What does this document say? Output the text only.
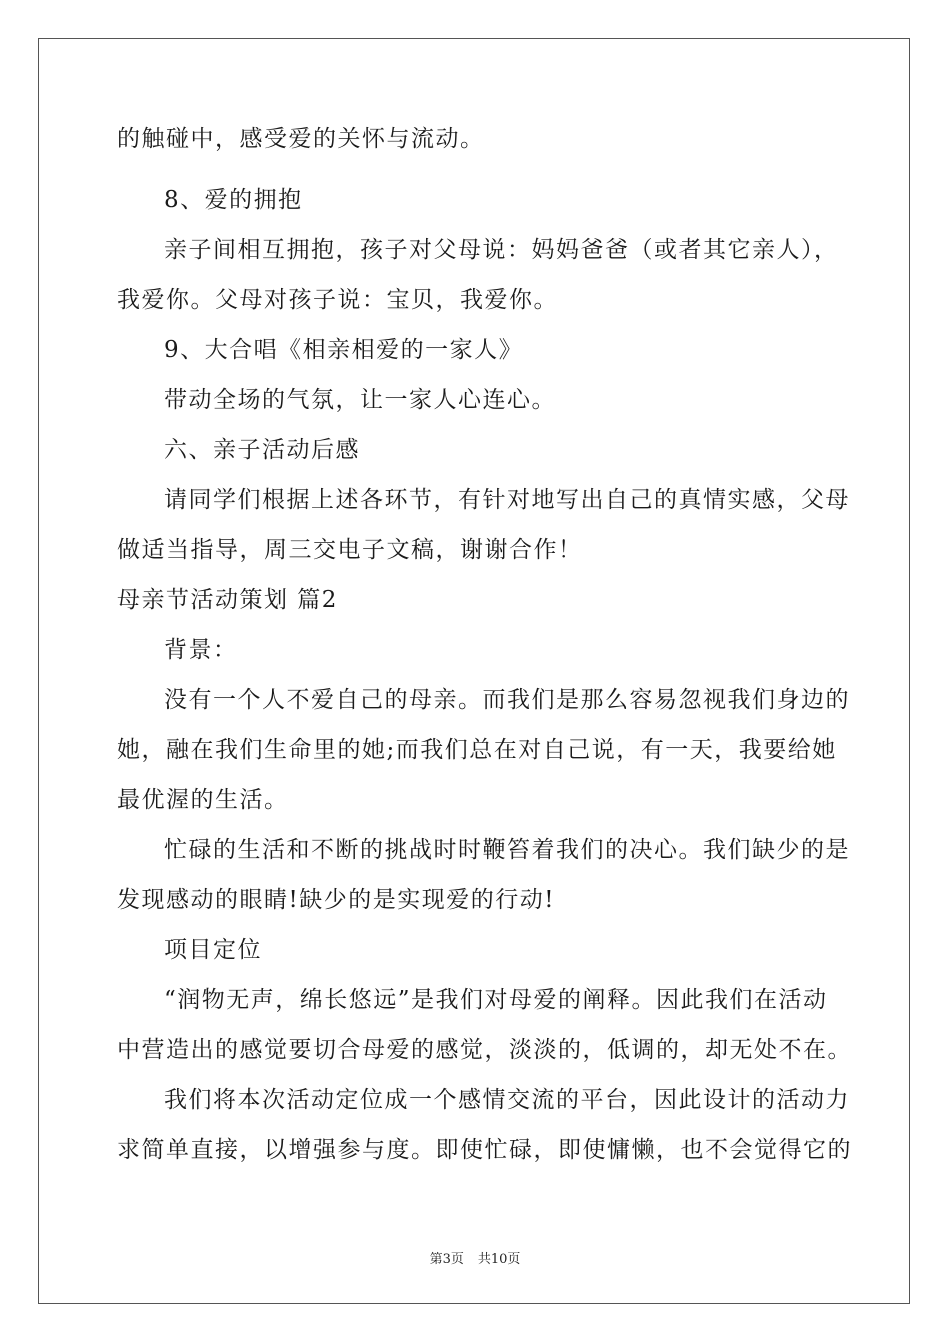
的触碰中，感受爱的关怀与流动。
8、爱的拥抱
亲子间相互拥抱，孩子对父母说：妈妈爸爸（或者其它亲人），
我爱你。父母对孩子说：宝贝，我爱你。
9、大合唱《相亲相爱的一家人》
带动全场的气氛，让一家人心连心。
六、亲子活动后感
请同学们根据上述各环节，有针对地写出自己的真情实感，父母
做适当指导，周三交电子文稿，谢谢合作！
母亲节活动策划 篇2
背景：
没有一个人不爱自己的母亲。而我们是那么容易忽视我们身边的
她，融在我们生命里的她;而我们总在对自己说，有一天，我要给她
最优渥的生活。
忙碌的生活和不断的挑战时时鞭笞着我们的决心。我们缺少的是
发现感动的眼睛!缺少的是实现爱的行动!
项目定位
“润物无声，绵长悠远”是我们对母爱的阐释。因此我们在活动
中营造出的感觉要切合母爱的感觉，淡淡的，低调的，却无处不在。
我们将本次活动定位成一个感情交流的平台，因此设计的活动力
求简单直接，以增强参与度。即使忙碌，即使慵懒，也不会觉得它的
第3页 共10页
